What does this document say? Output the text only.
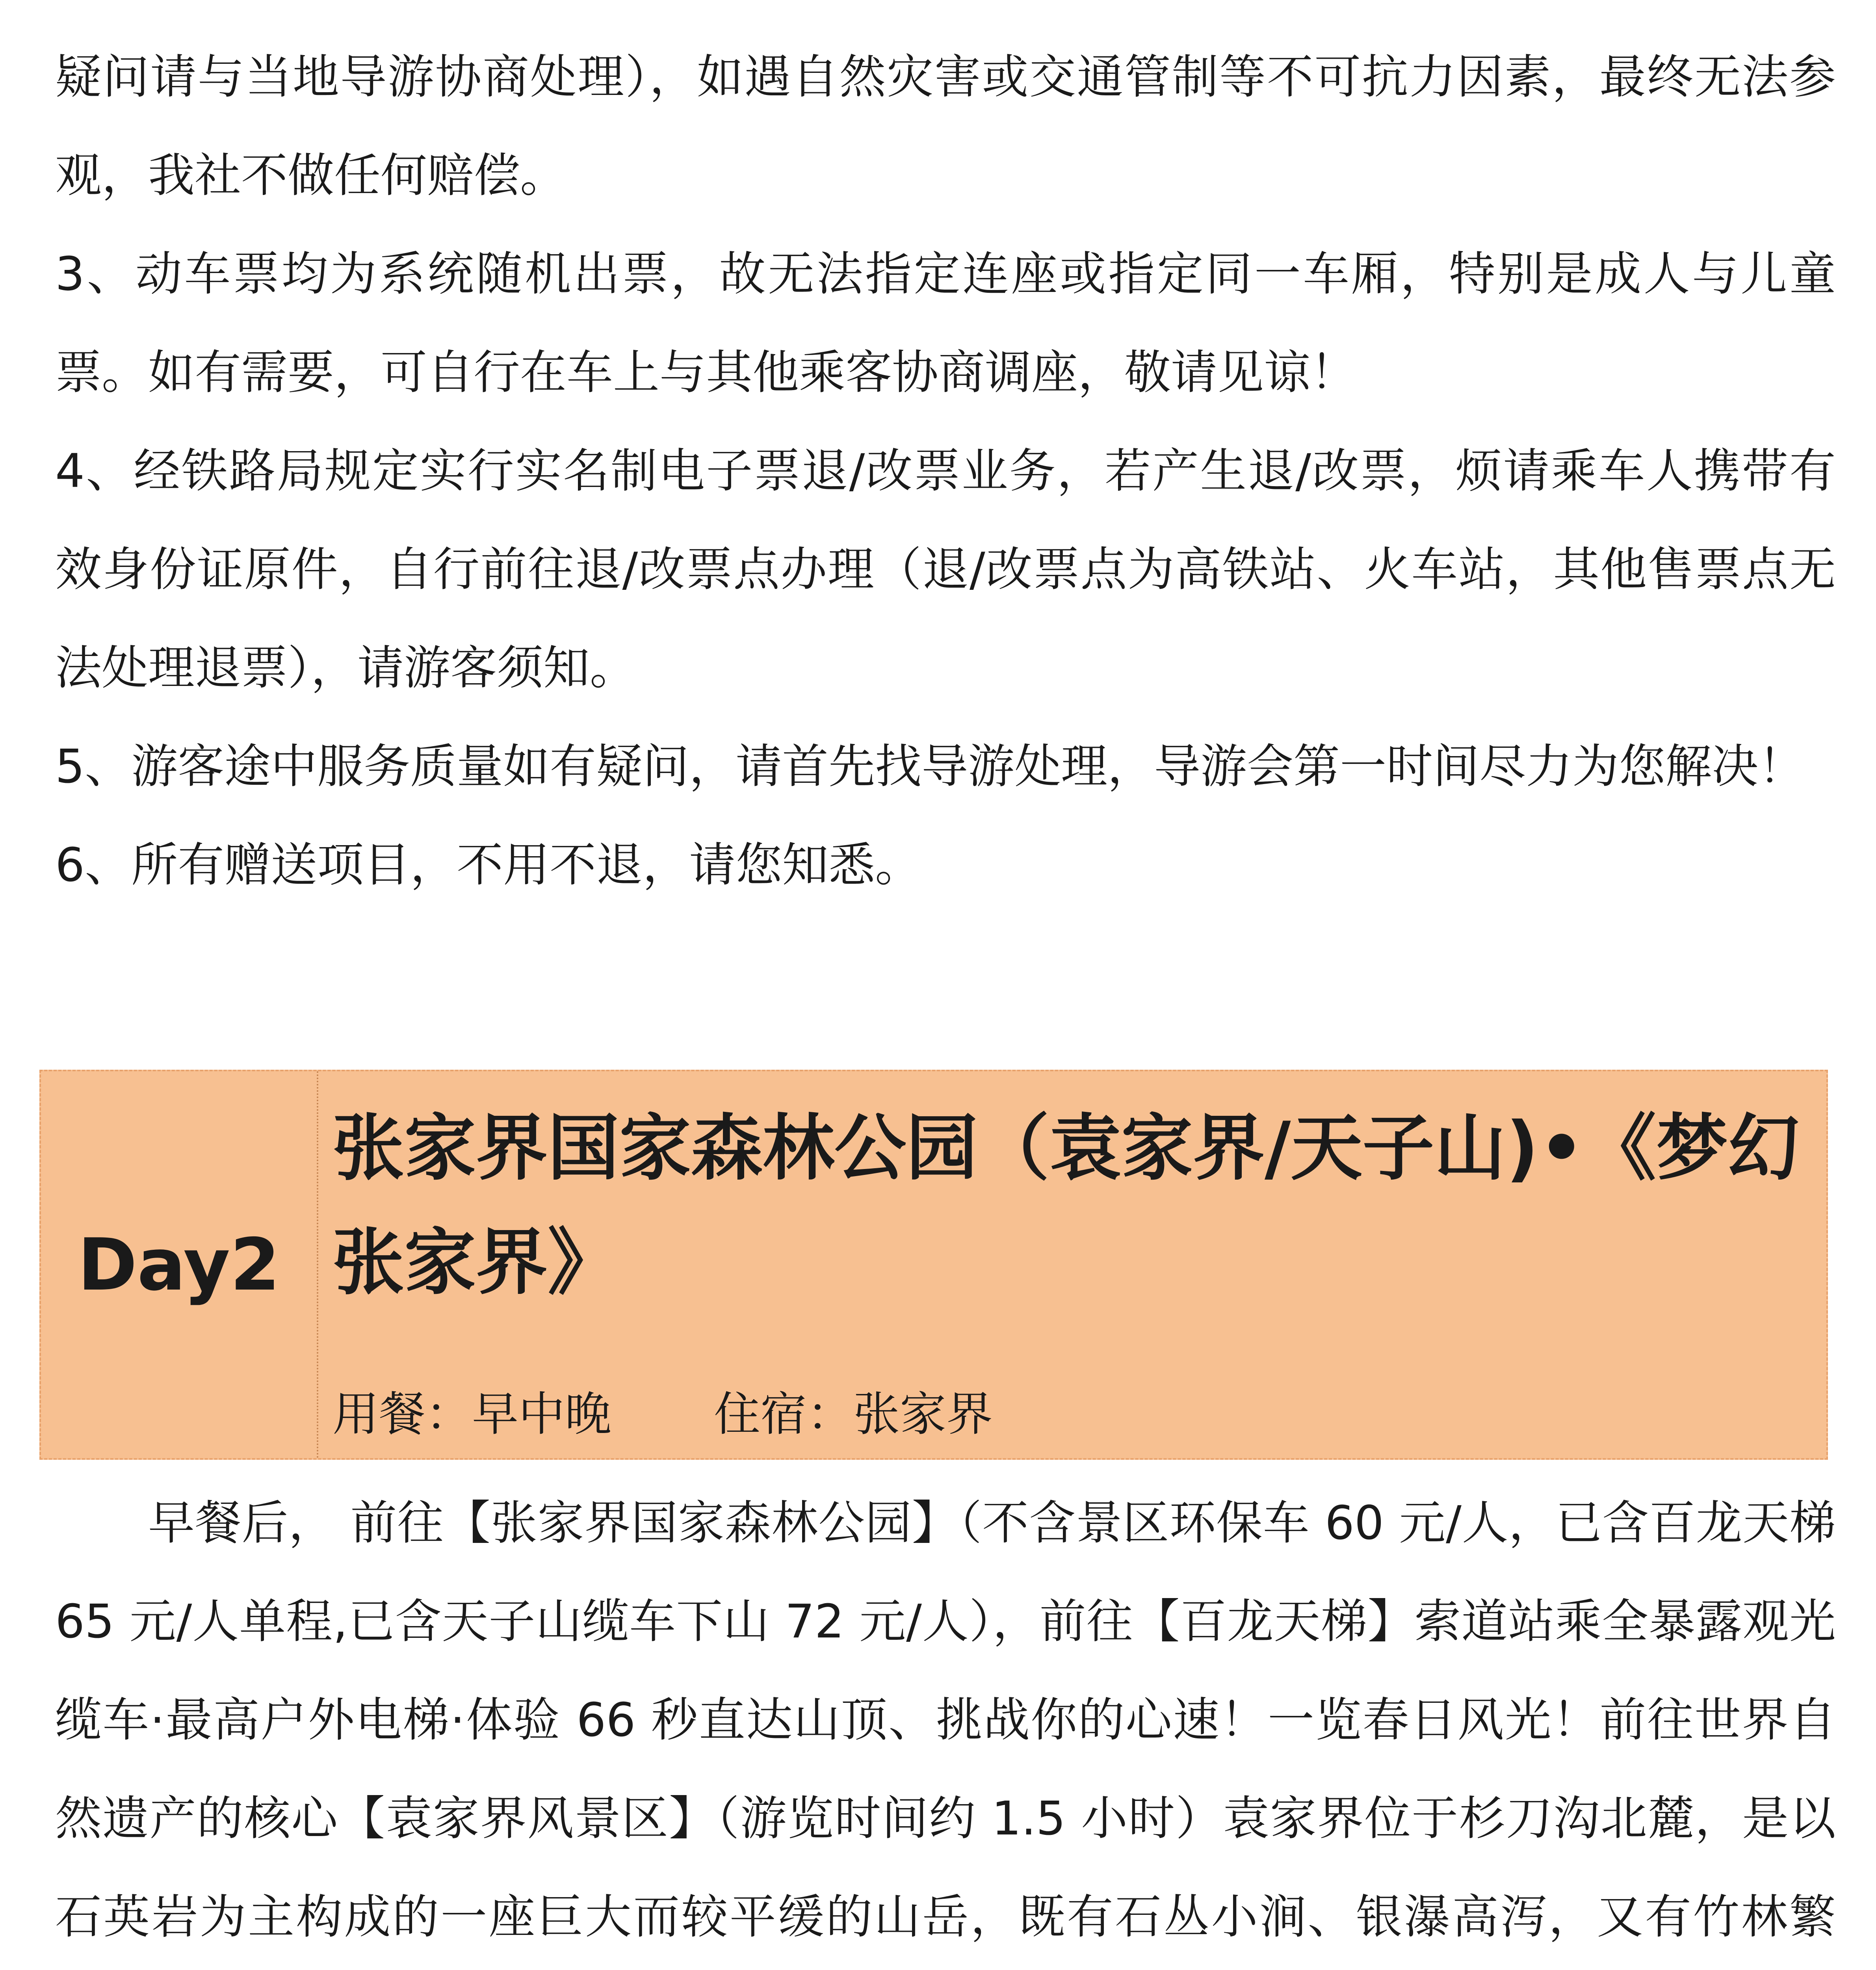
疑问请与当地导游协商处理），如遇自然灾害或交通管制等不可抗力因素，最终无法参观，我社不做任何赔偿。

3、动车票均为系统随机出票，故无法指定连座或指定同一车厢，特别是成人与儿童票。如有需要，可自行在车上与其他乘客协商调座，敬请见谅！

4、经铁路局规定实行实名制电子票退/改票业务，若产生退/改票，烦请乘车人携带有效身份证原件，自行前往退/改票点办理（退/改票点为高铁站、火车站，其他售票点无法处理退票），请游客须知。

5、游客途中服务质量如有疑问，请首先找导游处理，导游会第一时间尽力为您解决！

6、所有赠送项目，不用不退，请您知悉。

Day2
张家界国家森林公园（袁家界/天子山)•《梦幻张家界》

用餐：早中晚 住宿：张家界

早餐后， 前往【张家界国家森林公园】（不含景区环保车 60 元/人，已含百龙天梯 65 元/人单程,已含天子山缆车下山 72 元/人），前往【百龙天梯】索道站乘全暴露观光缆车·最高户外电梯·体验 66 秒直达山顶、挑战你的心速！一览春日风光！前往世界自然遗产的核心【袁家界风景区】（游览时间约 1.5 小时）袁家界位于杉刀沟北麓，是以石英岩为主构成的一座巨大而较平缓的山岳，既有石丛小涧、银瀑高泻，又有竹林繁
